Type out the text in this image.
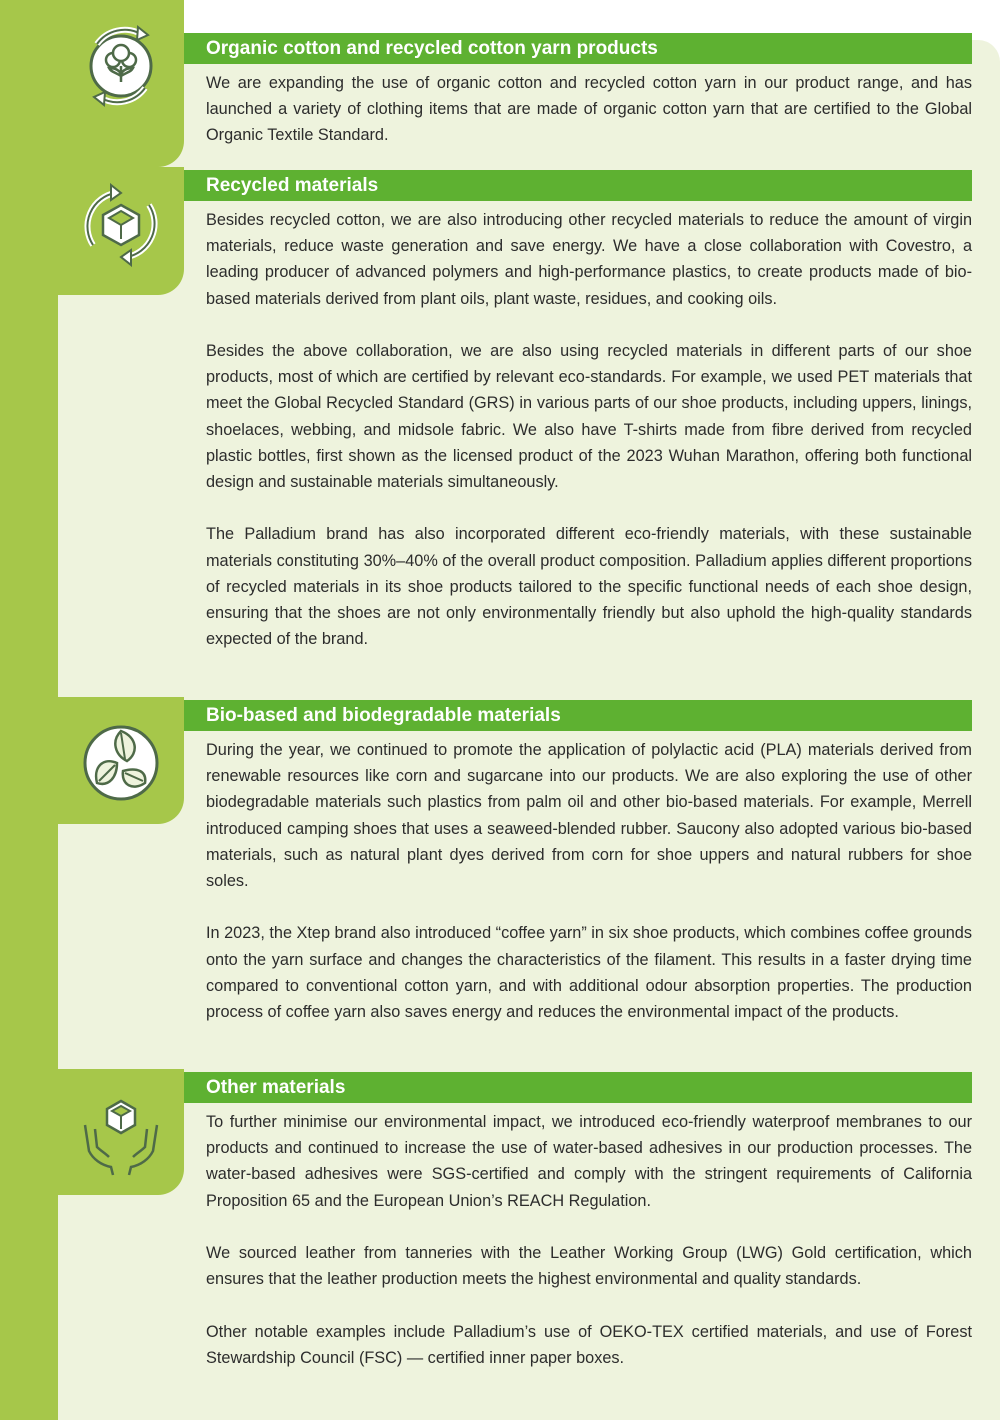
Organic cotton and recycled cotton yarn products

We are expanding the use of organic cotton and recycled cotton yarn in our product range, and has launched a variety of clothing items that are made of organic cotton yarn that are certified to the Global Organic Textile Standard.

Recycled materials

Besides recycled cotton, we are also introducing other recycled materials to reduce the amount of virgin materials, reduce waste generation and save energy. We have a close collaboration with Covestro, a leading producer of advanced polymers and high-performance plastics, to create products made of bio-based materials derived from plant oils, plant waste, residues, and cooking oils.

Besides the above collaboration, we are also using recycled materials in different parts of our shoe products, most of which are certified by relevant eco-standards. For example, we used PET materials that meet the Global Recycled Standard (GRS) in various parts of our shoe products, including uppers, linings, shoelaces, webbing, and midsole fabric. We also have T-shirts made from fibre derived from recycled plastic bottles, first shown as the licensed product of the 2023 Wuhan Marathon, offering both functional design and sustainable materials simultaneously.

The Palladium brand has also incorporated different eco-friendly materials, with these sustainable materials constituting 30%–40% of the overall product composition. Palladium applies different proportions of recycled materials in its shoe products tailored to the specific functional needs of each shoe design, ensuring that the shoes are not only environmentally friendly but also uphold the high-quality standards expected of the brand.

Bio-based and biodegradable materials

During the year, we continued to promote the application of polylactic acid (PLA) materials derived from renewable resources like corn and sugarcane into our products. We are also exploring the use of other biodegradable materials such plastics from palm oil and other bio-based materials. For example, Merrell introduced camping shoes that uses a seaweed-blended rubber. Saucony also adopted various bio-based materials, such as natural plant dyes derived from corn for shoe uppers and natural rubbers for shoe soles.

In 2023, the Xtep brand also introduced “coffee yarn” in six shoe products, which combines coffee grounds onto the yarn surface and changes the characteristics of the filament. This results in a faster drying time compared to conventional cotton yarn, and with additional odour absorption properties. The production process of coffee yarn also saves energy and reduces the environmental impact of the products.

Other materials

To further minimise our environmental impact, we introduced eco-friendly waterproof membranes to our products and continued to increase the use of water-based adhesives in our production processes. The water-based adhesives were SGS-certified and comply with the stringent requirements of California Proposition 65 and the European Union’s REACH Regulation.

We sourced leather from tanneries with the Leather Working Group (LWG) Gold certification, which ensures that the leather production meets the highest environmental and quality standards.

Other notable examples include Palladium’s use of OEKO-TEX certified materials, and use of Forest Stewardship Council (FSC) — certified inner paper boxes.
